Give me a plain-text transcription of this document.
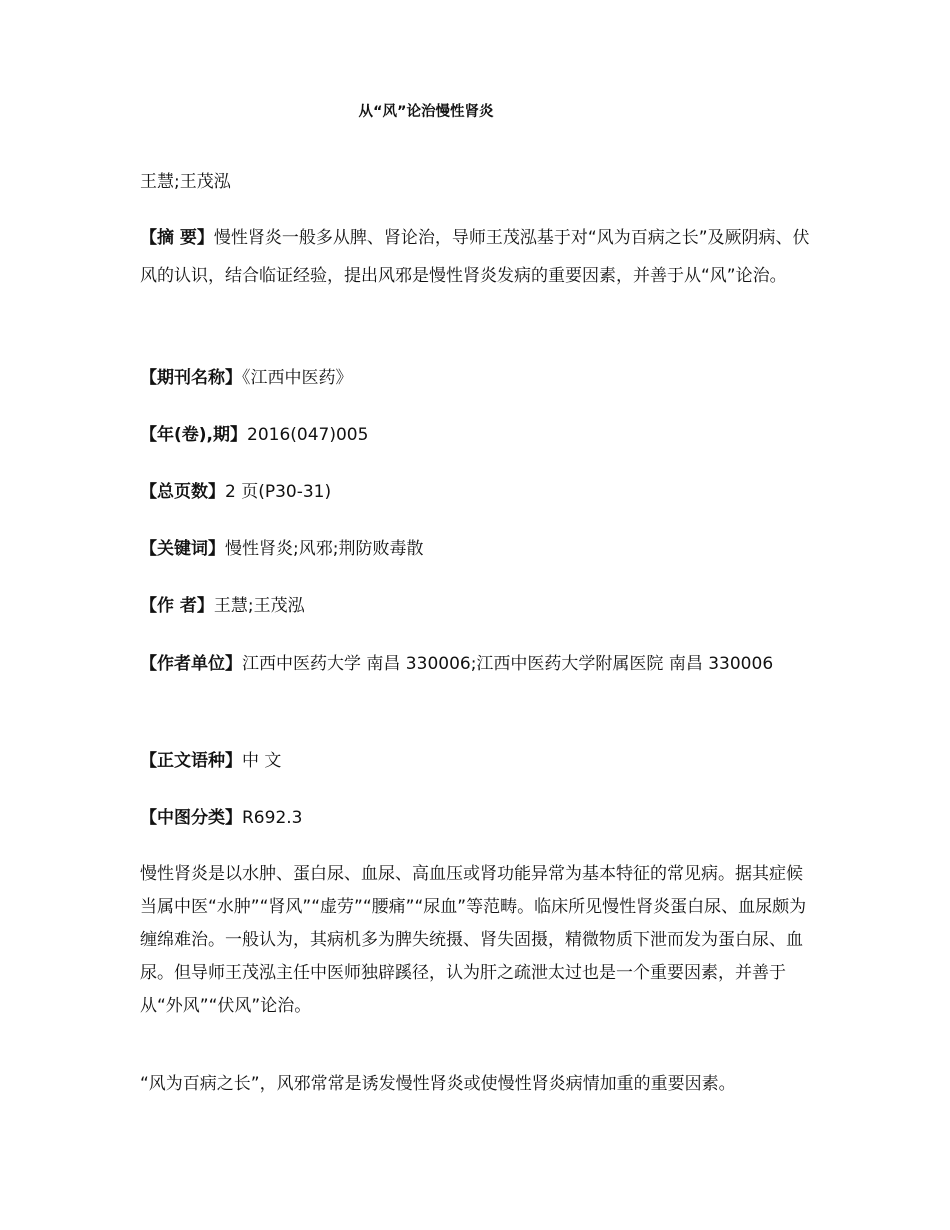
从“风”论治慢性肾炎

王慧;王茂泓

【摘 要】慢性肾炎一般多从脾、肾论治，导师王茂泓基于对“风为百病之长”及厥阴病、伏风的认识，结合临证经验，提出风邪是慢性肾炎发病的重要因素，并善于从“风”论治。

【期刊名称】《江西中医药》

【年(卷),期】2016(047)005

【总页数】2 页(P30-31)

【关键词】慢性肾炎;风邪;荆防败毒散

【作 者】王慧;王茂泓

【作者单位】江西中医药大学 南昌 330006;江西中医药大学附属医院 南昌 330006

【正文语种】中 文

【中图分类】R692.3

慢性肾炎是以水肿、蛋白尿、血尿、高血压或肾功能异常为基本特征的常见病。据其症候当属中医“水肿”“肾风”“虚劳”“腰痛”“尿血”等范畴。临床所见慢性肾炎蛋白尿、血尿颇为缠绵难治。一般认为，其病机多为脾失统摄、肾失固摄，精微物质下泄而发为蛋白尿、血尿。但导师王茂泓主任中医师独辟蹊径，认为肝之疏泄太过也是一个重要因素，并善于从“外风”“伏风”论治。

“风为百病之长”，风邪常常是诱发慢性肾炎或使慢性肾炎病情加重的重要因素。
